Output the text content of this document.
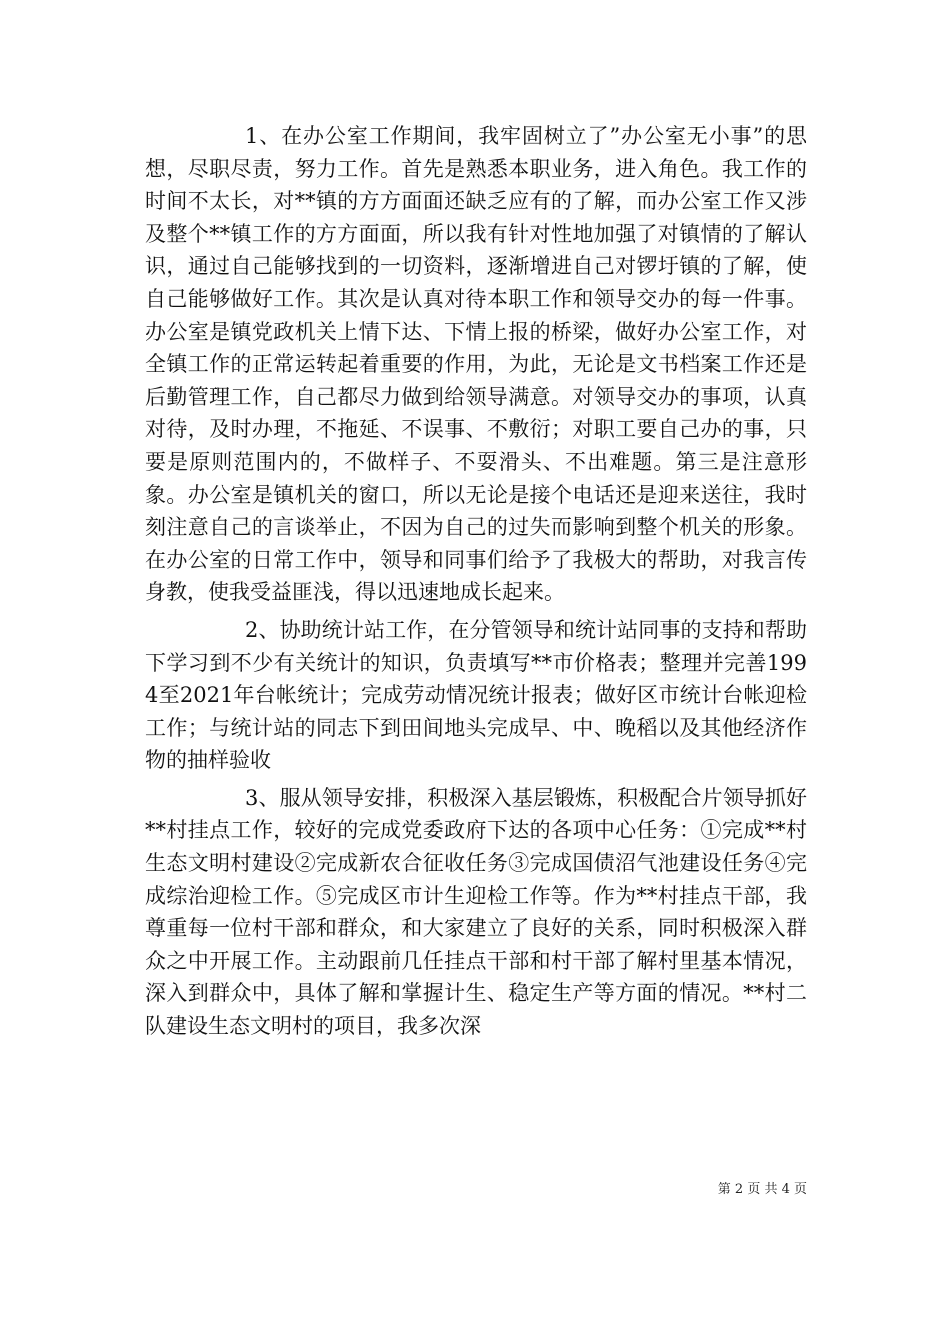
1、在办公室工作期间，我牢固树立了”办公室无小事”的思想，尽职尽责，努力工作。首先是熟悉本职业务，进入角色。我工作的时间不太长，对**镇的方方面面还缺乏应有的了解，而办公室工作又涉及整个**镇工作的方方面面，所以我有针对性地加强了对镇情的了解认识，通过自己能够找到的一切资料，逐渐增进自己对锣圩镇的了解，使自己能够做好工作。其次是认真对待本职工作和领导交办的每一件事。办公室是镇党政机关上情下达、下情上报的桥梁，做好办公室工作，对全镇工作的正常运转起着重要的作用，为此，无论是文书档案工作还是后勤管理工作，自己都尽力做到给领导满意。对领导交办的事项，认真对待，及时办理，不拖延、不误事、不敷衍；对职工要自己办的事，只要是原则范围内的，不做样子、不耍滑头、不出难题。第三是注意形象。办公室是镇机关的窗口，所以无论是接个电话还是迎来送往，我时刻注意自己的言谈举止，不因为自己的过失而影响到整个机关的形象。在办公室的日常工作中，领导和同事们给予了我极大的帮助，对我言传身教，使我受益匪浅，得以迅速地成长起来。

2、协助统计站工作，在分管领导和统计站同事的支持和帮助下学习到不少有关统计的知识，负责填写**市价格表；整理并完善1994至2021年台帐统计；完成劳动情况统计报表；做好区市统计台帐迎检工作；与统计站的同志下到田间地头完成早、中、晚稻以及其他经济作物的抽样验收

3、服从领导安排，积极深入基层锻炼，积极配合片领导抓好**村挂点工作，较好的完成党委政府下达的各项中心任务：①完成**村生态文明村建设②完成新农合征收任务③完成国债沼气池建设任务④完成综治迎检工作。⑤完成区市计生迎检工作等。作为**村挂点干部，我尊重每一位村干部和群众，和大家建立了良好的关系，同时积极深入群众之中开展工作。主动跟前几任挂点干部和村干部了解村里基本情况，深入到群众中，具体了解和掌握计生、稳定生产等方面的情况。**村二队建设生态文明村的项目，我多次深

第 2 页 共 4 页
